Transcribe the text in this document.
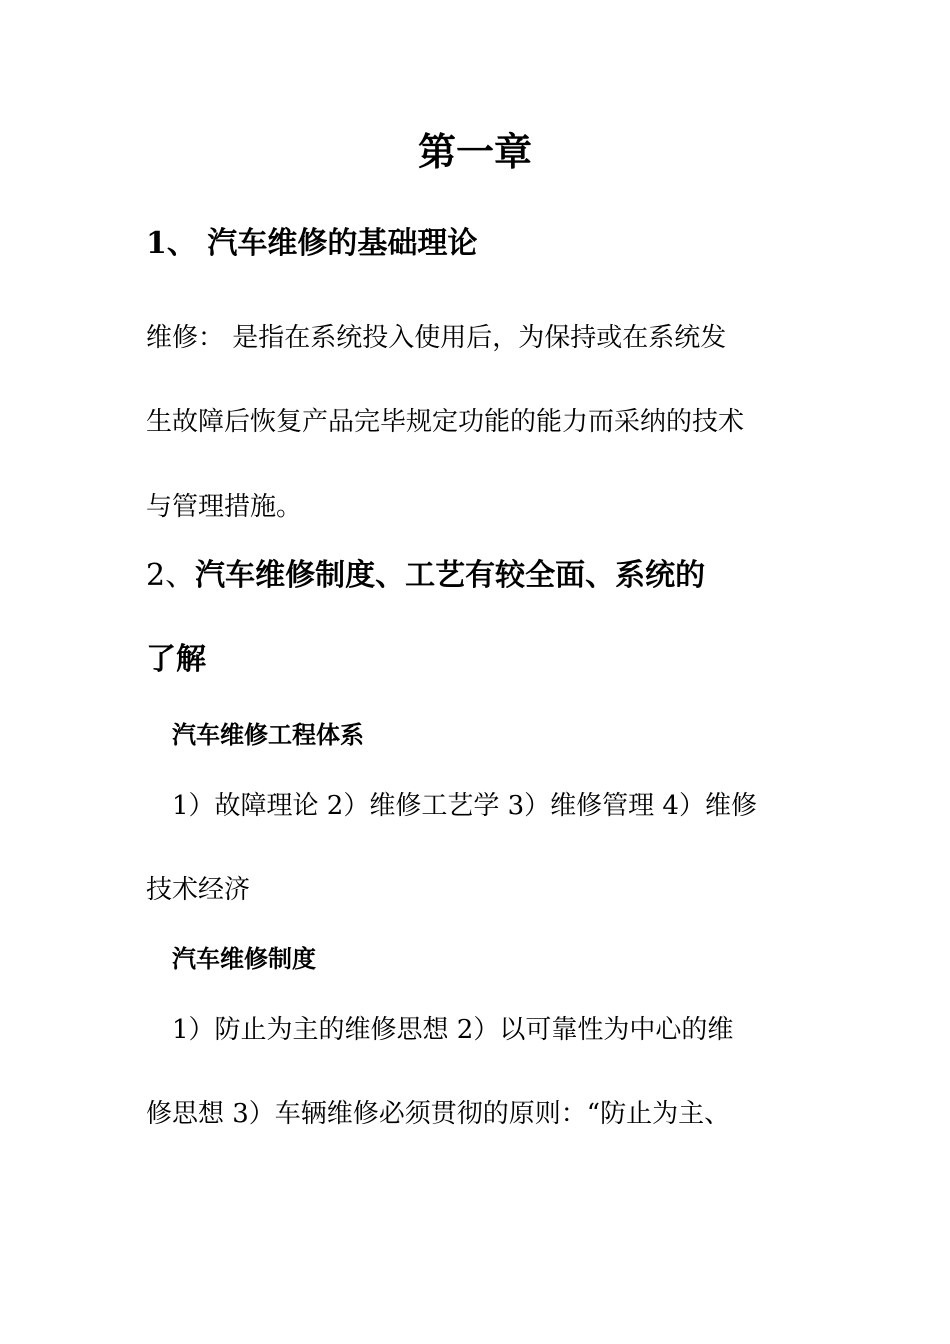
第一章
1、 汽车维修的基础理论
维修： 是指在系统投入使用后，为保持或在系统发
生故障后恢复产品完毕规定功能的能力而采纳的技术
与管理措施。
2、汽车维修制度、工艺有较全面、系统的
了解
汽车维修工程体系
1）故障理论 2）维修工艺学 3）维修管理 4）维修
技术经济
汽车维修制度
1）防止为主的维修思想 2）以可靠性为中心的维
修思想 3）车辆维修必须贯彻的原则：“防止为主、
